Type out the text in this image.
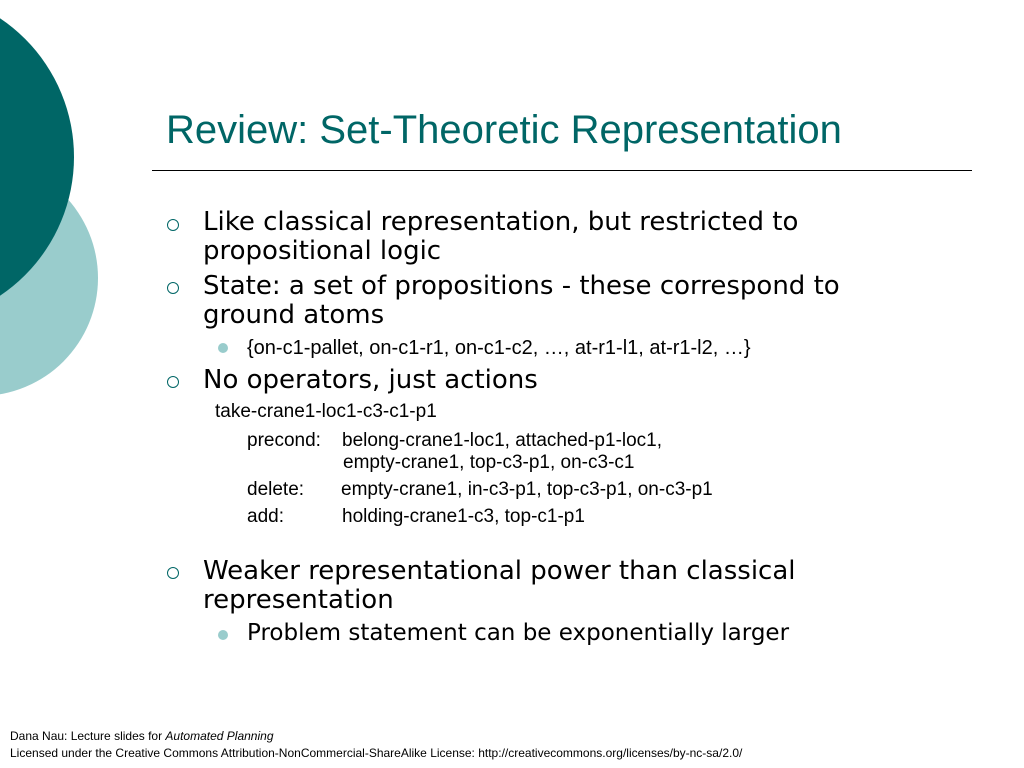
Review: Set-Theoretic Representation
Like classical representation, but restricted to
propositional logic
State: a set of propositions - these correspond to
ground atoms
{on-c1-pallet, on-c1-r1, on-c1-c2, …, at-r1-l1, at-r1-l2, …}
No operators, just actions
take-crane1-loc1-c3-c1-p1
precond: belong-crane1-loc1, attached-p1-loc1,
empty-crane1, top-c3-p1, on-c3-c1
delete: empty-crane1, in-c3-p1, top-c3-p1, on-c3-p1
add:	holding-crane1-c3, top-c1-p1
Weaker representational power than classical
representation
Problem statement can be exponentially larger
Dana Nau: Lecture slides for Automated Planning
Licensed under the Creative Commons Attribution-NonCommercial-ShareAlike License: http://creativecommons.org/licenses/by-nc-sa/2.0/
